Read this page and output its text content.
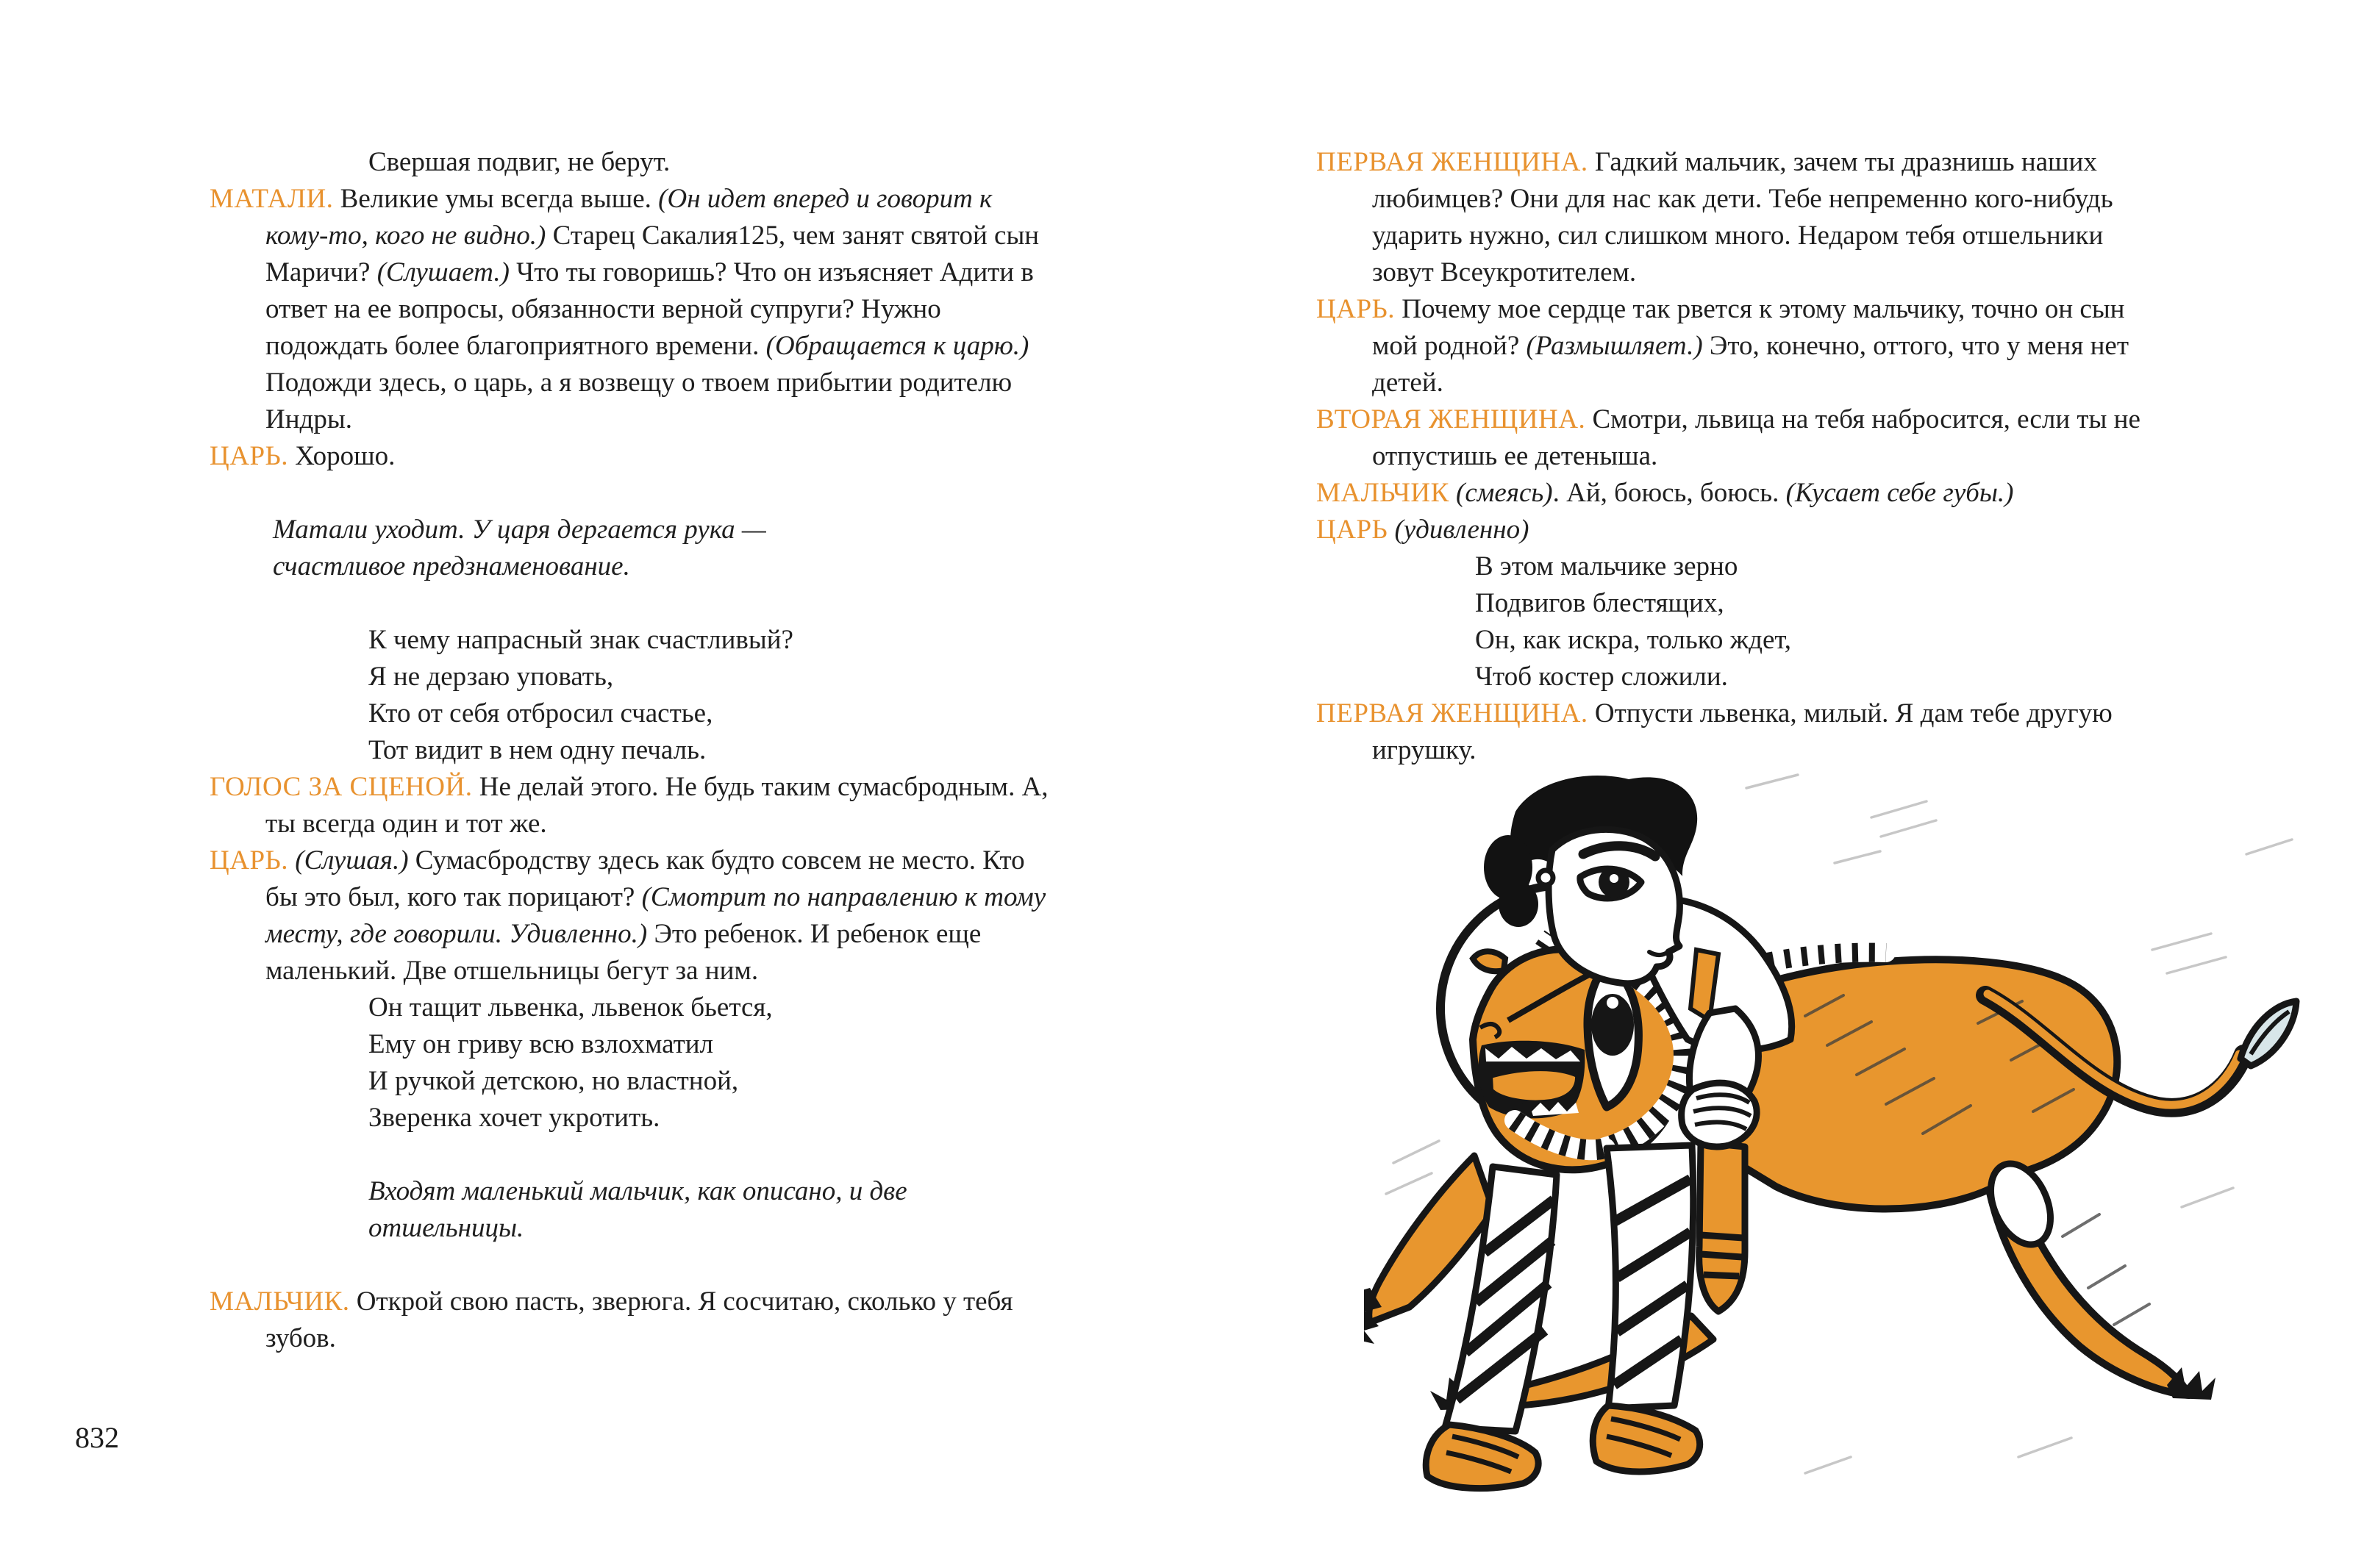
Свершая подвиг, не берут.

МАТАЛИ. Великие умы всегда выше. (Он идет вперед и говорит к кому-то, кого не видно.) Старец Сакалия125, чем занят святой сын Маричи? (Слушает.) Что ты говоришь? Что он изъясняет Адити в ответ на ее вопросы, обязанности верной супруги? Нужно подождать более благоприятного времени. (Обращается к царю.) Подожди здесь, о царь, а я возвещу о твоем прибытии родителю Индры.

ЦАРЬ. Хорошо.

Матали уходит. У царя дергается рука — счастливое предзнаменование.

К чему напрасный знак счастливый?
Я не дерзаю уповать,
Кто от себя отбросил счастье,
Тот видит в нем одну печаль.

ГОЛОС ЗА СЦЕНОЙ. Не делай этого. Не будь таким сумасбродным. А, ты всегда один и тот же.

ЦАРЬ. (Слушая.) Сумасбродству здесь как будто совсем не место. Кто бы это был, кого так порицают? (Смотрит по направлению к тому месту, где говорили. Удивленно.) Это ребенок. И ребенок еще маленький. Две отшельницы бегут за ним.

Он тащит львенка, львенок бьется,
Ему он гриву всю взлохматил
И ручкой детскою, но властной,
Зверенка хочет укротить.

Входят маленький мальчик, как описано, и две отшельницы.

МАЛЬЧИК. Открой свою пасть, зверюга. Я сосчитаю, сколько у тебя зубов.

ПЕРВАЯ ЖЕНЩИНА. Гадкий мальчик, зачем ты дразнишь наших любимцев? Они для нас как дети. Тебе непременно кого-нибудь ударить нужно, сил слишком много. Недаром тебя отшельники зовут Всеукротителем.

ЦАРЬ. Почему мое сердце так рвется к этому мальчику, точно он сын мой родной? (Размышляет.) Это, конечно, оттого, что у меня нет детей.

ВТОРАЯ ЖЕНЩИНА. Смотри, львица на тебя набросится, если ты не отпустишь ее детеныша.

МАЛЬЧИК (смеясь). Ай, боюсь, боюсь. (Кусает себе губы.)

ЦАРЬ (удивленно)

В этом мальчике зерно
Подвигов блестящих,
Он, как искра, только ждет,
Чтоб костер сложили.

ПЕРВАЯ ЖЕНЩИНА. Отпусти львенка, милый. Я дам тебе другую игрушку.

832
